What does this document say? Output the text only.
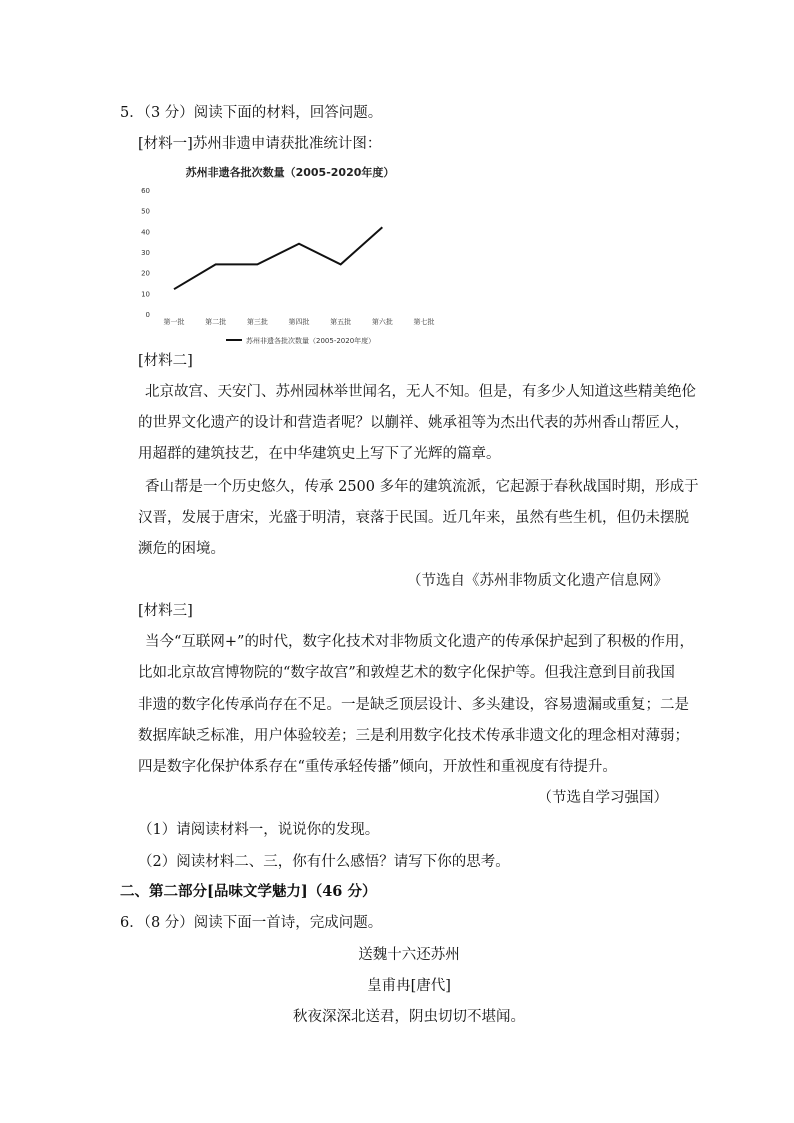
5．（3 分）阅读下面的材料，回答问题。
[材料一]苏州非遗申请获批准统计图：
苏州非遗各批次数量（2005-2020年度）
0
10
20
30
40
50
60
第一批	第二批	第三批	第四批	第五批	第六批	第七批
苏州非遗各批次数量（2005-2020年度）
[材料二]
北京故宫、天安门、苏州园林举世闻名，无人不知。但是，有多少人知道这些精美绝伦
的世界文化遗产的设计和营造者呢？以蒯祥、姚承祖等为杰出代表的苏州香山帮匠人，
用超群的建筑技艺，在中华建筑史上写下了光辉的篇章。
香山帮是一个历史悠久，传承 2500 多年的建筑流派，它起源于春秋战国时期，形成于
汉晋，发展于唐宋，光盛于明清，衰落于民国。近几年来，虽然有些生机，但仍未摆脱
濒危的困境。
（节选自《苏州非物质文化遗产信息网》
[材料三]
当今“互联网+”的时代，数字化技术对非物质文化遗产的传承保护起到了积极的作用，
比如北京故宫博物院的“数字故宫”和敦煌艺术的数字化保护等。但我注意到目前我国
非遗的数字化传承尚存在不足。一是缺乏顶层设计、多头建设，容易遗漏或重复；二是
数据库缺乏标准，用户体验较差；三是利用数字化技术传承非遗文化的理念相对薄弱；
四是数字化保护体系存在“重传承轻传播”倾向，开放性和重视度有待提升。
（节选自学习强国）
（1）请阅读材料一，说说你的发现。
（2）阅读材料二、三，你有什么感悟？请写下你的思考。
二、第二部分[品味文学魅力]（46 分）
6．（8 分）阅读下面一首诗，完成问题。
送魏十六还苏州
皇甫冉[唐代]
秋夜深深北送君，阴虫切切不堪闻。
